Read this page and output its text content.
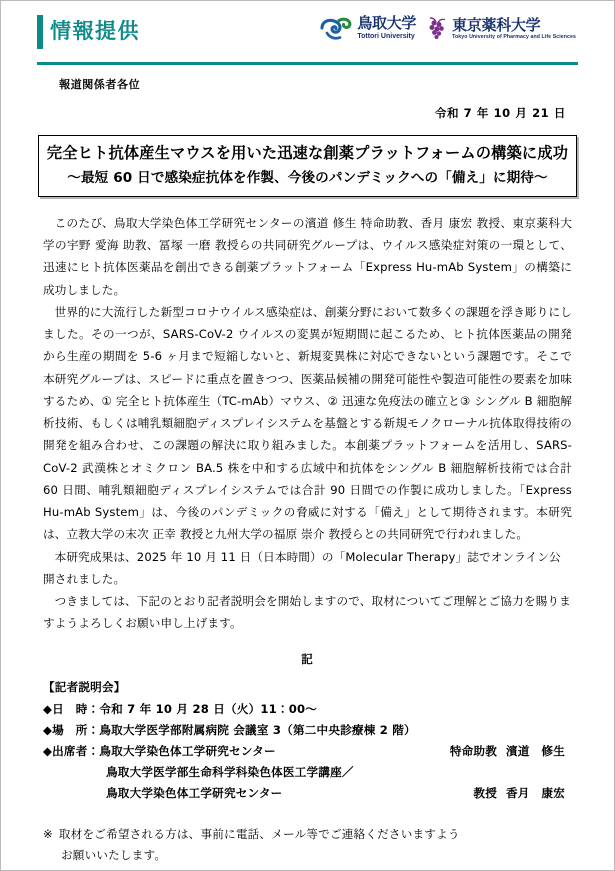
情報提供	鳥取大学
Tottori University
東京薬科大学
Tokyo University of Pharmacy and Life Sciences
報道関係者各位
令和 7 年 10 月 21 日
完全ヒト抗体産生マウスを用いた迅速な創薬プラットフォームの構築に成功
～最短 60 日で感染症抗体を作製、今後のパンデミックへの「備え」に期待～

このたび、鳥取大学染色体工学研究センターの濱道 修生 特命助教、香月 康宏 教授、東京薬科大学の宇野 愛海 助教、冨塚 一磨 教授らの共同研究グループは、ウイルス感染症対策の一環として、迅速にヒト抗体医薬品を創出できる創薬プラットフォーム「Express Hu-mAb System」の構築に成功しました。

世界的に大流行した新型コロナウイルス感染症は、創薬分野において数多くの課題を浮き彫りにしました。その一つが、SARS-CoV-2 ウイルスの変異が短期間に起こるため、ヒト抗体医薬品の開発から生産の期間を 5-6 ヶ月まで短縮しないと、新規変異株に対応できないという課題です。そこで本研究グループは、スピードに重点を置きつつ、医薬品候補の開発可能性や製造可能性の要素を加味するため、① 完全ヒト抗体産生（TC-mAb）マウス、② 迅速な免疫法の確立と③ シングル B 細胞解析技術、もしくは哺乳類細胞ディスプレイシステムを基盤とする新規モノクローナル抗体取得技術の開発を組み合わせ、この課題の解決に取り組みました。本創薬プラットフォームを活用し、SARS-CoV-2 武漢株とオミクロン BA.5 株を中和する広域中和抗体をシングル B 細胞解析技術では合計 60 日間、哺乳類細胞ディスプレイシステムでは合計 90 日間での作製に成功しました。「Express Hu-mAb System」は、今後のパンデミックの脅威に対する「備え」として期待されます。本研究は、立教大学の末次 正幸 教授と九州大学の福原 崇介 教授らとの共同研究で行われました。

本研究成果は、2025 年 10 月 11 日（日本時間）の「Molecular Therapy」誌でオンライン公開されました。

つきましては、下記のとおり記者説明会を開始しますので、取材についてご理解とご協力を賜りますようよろしくお願い申し上げます。

記
【記者説明会】
◆日　時： 令和 7 年 10 月 28 日（火）11：00～
◆場　所： 鳥取大学医学部附属病院 会議室 3（第二中央診療棟 2 階）
◆出席者： 鳥取大学染色体工学研究センター	特命助教 濱道　修生
鳥取大学医学部生命科学科染色体医工学講座／
鳥取大学染色体工学研究センター	教授 香月　康宏
※ 取材をご希望される方は、事前に電話、メール等でご連絡くださいますよう
お願いいたします。
